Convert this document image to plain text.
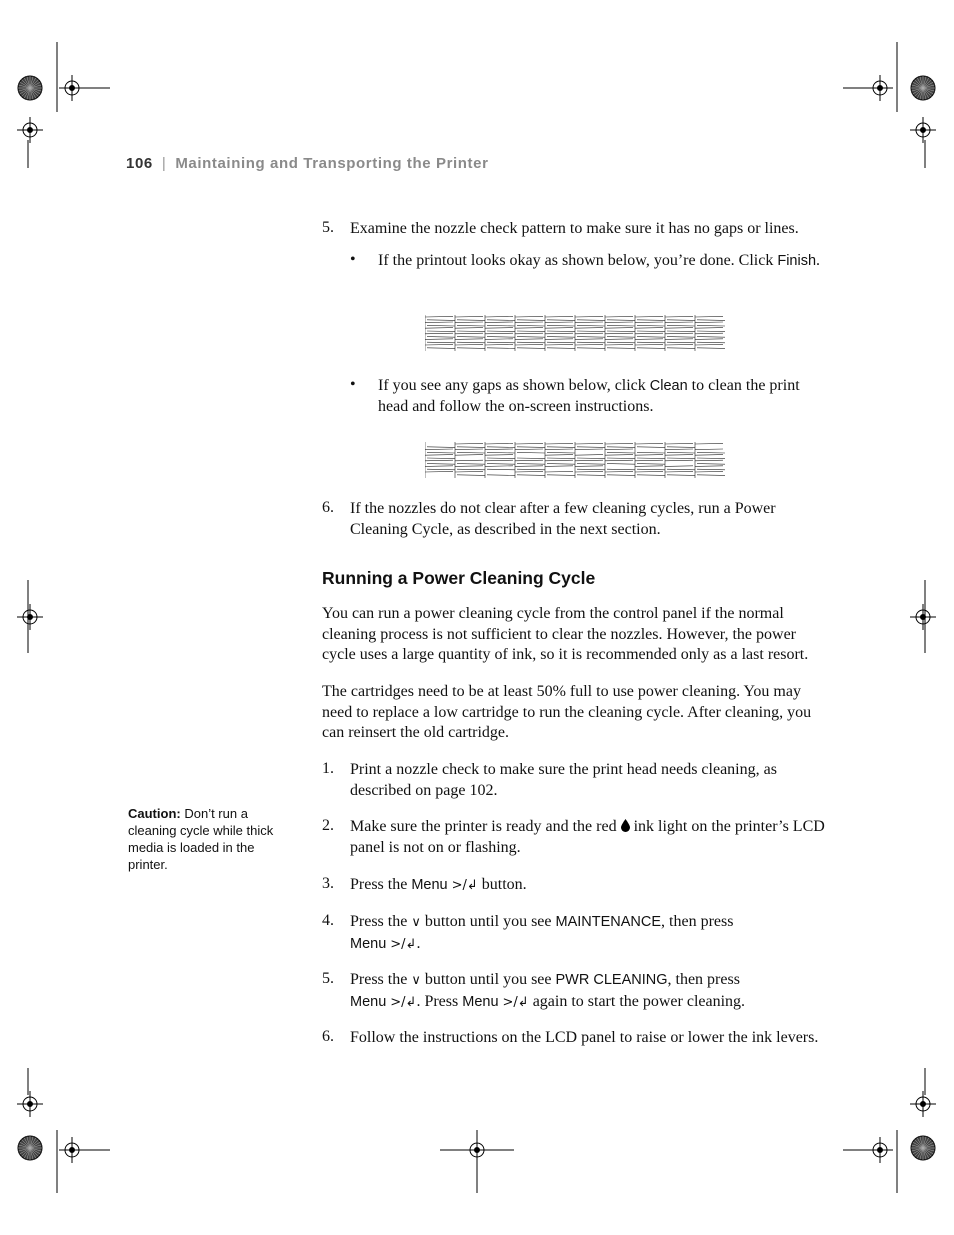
106 | Maintaining and Transporting the Printer
5. Examine the nozzle check pattern to make sure it has no gaps or lines.
• If the printout looks okay as shown below, you’re done. Click Finish.
• If you see any gaps as shown below, click Clean to clean the print head and follow the on-screen instructions.
6. If the nozzles do not clear after a few cleaning cycles, run a Power Cleaning Cycle, as described in the next section.
Running a Power Cleaning Cycle
You can run a power cleaning cycle from the control panel if the normal cleaning process is not sufficient to clear the nozzles. However, the power cycle uses a large quantity of ink, so it is recommended only as a last resort.
The cartridges need to be at least 50% full to use power cleaning. You may need to replace a low cartridge to run the cleaning cycle. After cleaning, you can reinsert the old cartridge.
Caution: Don’t run a cleaning cycle while thick media is loaded in the printer.
1. Print a nozzle check to make sure the print head needs cleaning, as described on page 102.
2. Make sure the printer is ready and the red ink light on the printer’s LCD panel is not on or flashing.
3. Press the Menu >/↲ button.
4. Press the ∨ button until you see MAINTENANCE, then press
Menu >/↲.
5. Press the ∨ button until you see PWR CLEANING, then press
Menu >/↲. Press Menu >/↲ again to start the power cleaning.
6. Follow the instructions on the LCD panel to raise or lower the ink levers.
